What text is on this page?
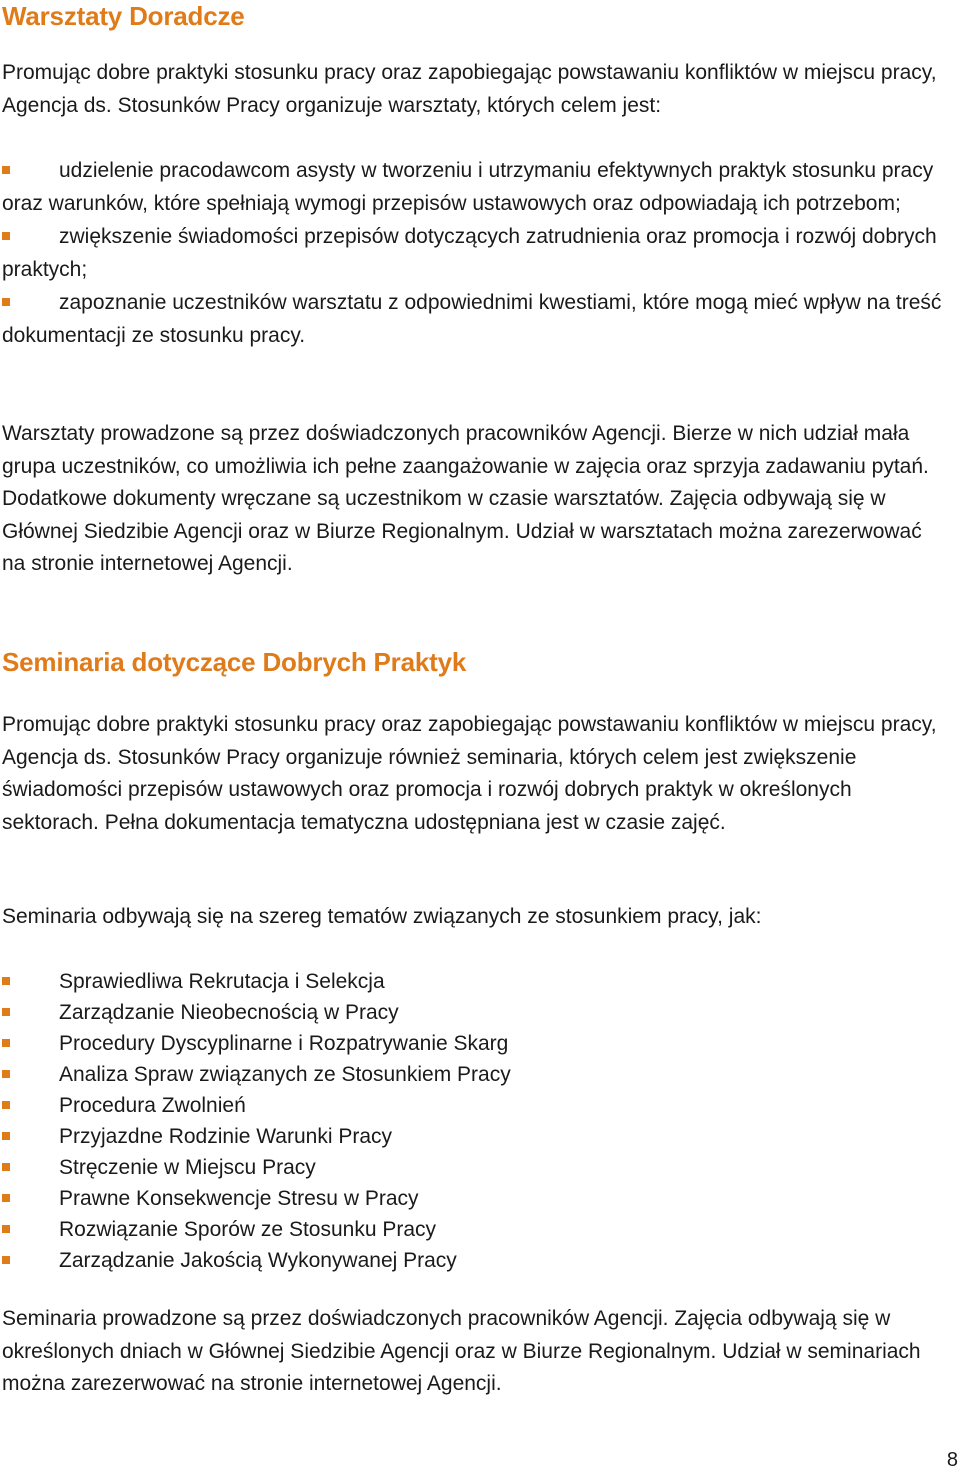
Warsztaty Doradcze

Promując dobre praktyki stosunku pracy oraz zapobiegając powstawaniu konfliktów w miejscu pracy, Agencja ds. Stosunków Pracy organizuje warsztaty, których celem jest:

udzielenie pracodawcom asysty w tworzeniu i utrzymaniu efektywnych praktyk stosunku pracy oraz warunków, które spełniają wymogi przepisów ustawowych oraz odpowiadają ich potrzebom;
zwiększenie świadomości przepisów dotyczących zatrudnienia oraz promocja i rozwój dobrych praktych;
zapoznanie uczestników warsztatu z odpowiednimi kwestiami, które mogą mieć wpływ na treść dokumentacji ze stosunku pracy.

Warsztaty prowadzone są przez doświadczonych pracowników Agencji. Bierze w nich udział mała grupa uczestników, co umożliwia ich pełne zaangażowanie w zajęcia oraz sprzyja zadawaniu pytań. Dodatkowe dokumenty wręczane są uczestnikom w czasie warsztatów. Zajęcia odbywają się w Głównej Siedzibie Agencji oraz w Biurze Regionalnym. Udział w warsztatach można zarezerwować na stronie internetowej Agencji.

Seminaria dotyczące Dobrych Praktyk

Promując dobre praktyki stosunku pracy oraz zapobiegając powstawaniu konfliktów w miejscu pracy, Agencja ds. Stosunków Pracy organizuje również seminaria, których celem jest zwiększenie świadomości przepisów ustawowych oraz promocja i rozwój dobrych praktyk w określonych sektorach. Pełna dokumentacja tematyczna udostępniana jest w czasie zajęć.

Seminaria odbywają się na szereg tematów związanych ze stosunkiem pracy, jak:

Sprawiedliwa Rekrutacja i Selekcja
Zarządzanie Nieobecnością w Pracy
Procedury Dyscyplinarne i Rozpatrywanie Skarg
Analiza Spraw związanych ze Stosunkiem Pracy
Procedura Zwolnień
Przyjazdne Rodzinie Warunki Pracy
Stręczenie w Miejscu Pracy
Prawne Konsekwencje Stresu w Pracy
Rozwiązanie Sporów ze Stosunku Pracy
Zarządzanie Jakością Wykonywanej Pracy

Seminaria prowadzone są przez doświadczonych pracowników Agencji. Zajęcia odbywają się w określonych dniach w Głównej Siedzibie Agencji oraz w Biurze Regionalnym. Udział w seminariach można zarezerwować na stronie internetowej Agencji.

8
